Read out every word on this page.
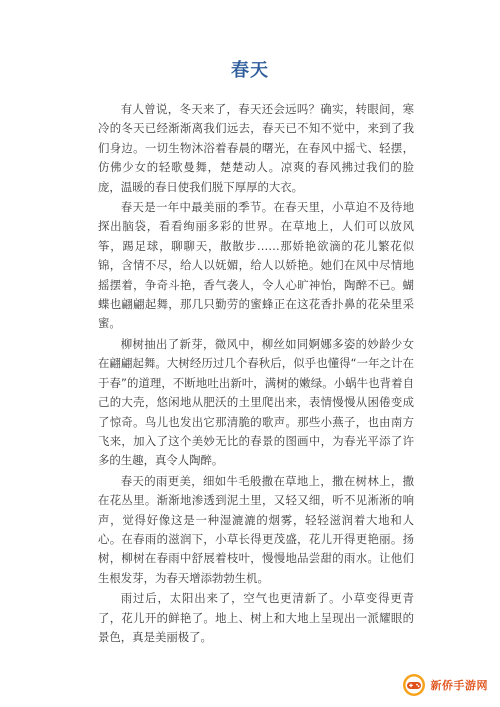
春天

有人曾说，冬天来了，春天还会远吗？确实，转眼间，寒冷的冬天已经渐渐离我们远去，春天已不知不觉中，来到了我们身边。一切生物沐浴着春晨的曙光，在春风中摇弋、轻摆，仿佛少女的轻歌曼舞，楚楚动人。凉爽的春风拂过我们的脸庞，温暖的春日使我们脱下厚厚的大衣。

春天是一年中最美丽的季节。在春天里，小草迫不及待地探出脑袋，看看绚丽多彩的世界。在草地上，人们可以放风筝，踢足球，聊聊天，散散步……那娇艳欲滴的花儿繁花似锦，含情不尽，给人以妩媚，给人以娇艳。她们在风中尽情地摇摆着，争奇斗艳，香气袭人，令人心旷神怡，陶醉不已。蝴蝶也翩翩起舞，那几只勤劳的蜜蜂正在这花香扑鼻的花朵里采蜜。

柳树抽出了新芽，微风中，柳丝如同婀娜多姿的妙龄少女在翩翩起舞。大树经历过几个春秋后，似乎也懂得“一年之计在于春”的道理，不断地吐出新叶，满树的嫩绿。小蜗牛也背着自己的大壳，悠闲地从肥沃的土里爬出来，表情慢慢从困倦变成了惊奇。鸟儿也发出它那清脆的歌声。那些小燕子，也由南方飞来，加入了这个美妙无比的春景的图画中，为春光平添了许多的生趣，真令人陶醉。

春天的雨更美，细如牛毛般撒在草地上，撒在树林上，撒在花丛里。渐渐地渗透到泥土里，又轻又细，听不见淅淅的响声，觉得好像这是一种湿漉漉的烟雾，轻轻滋润着大地和人心。在春雨的滋润下，小草长得更茂盛，花儿开得更艳丽。扬树，柳树在春雨中舒展着枝叶，慢慢地品尝甜的雨水。让他们生根发芽，为春天增添勃勃生机。

雨过后，太阳出来了，空气也更清新了。小草变得更青了，花儿开的鲜艳了。地上、树上和大地上呈现出一派耀眼的景色，真是美丽极了。

新侨手游网
